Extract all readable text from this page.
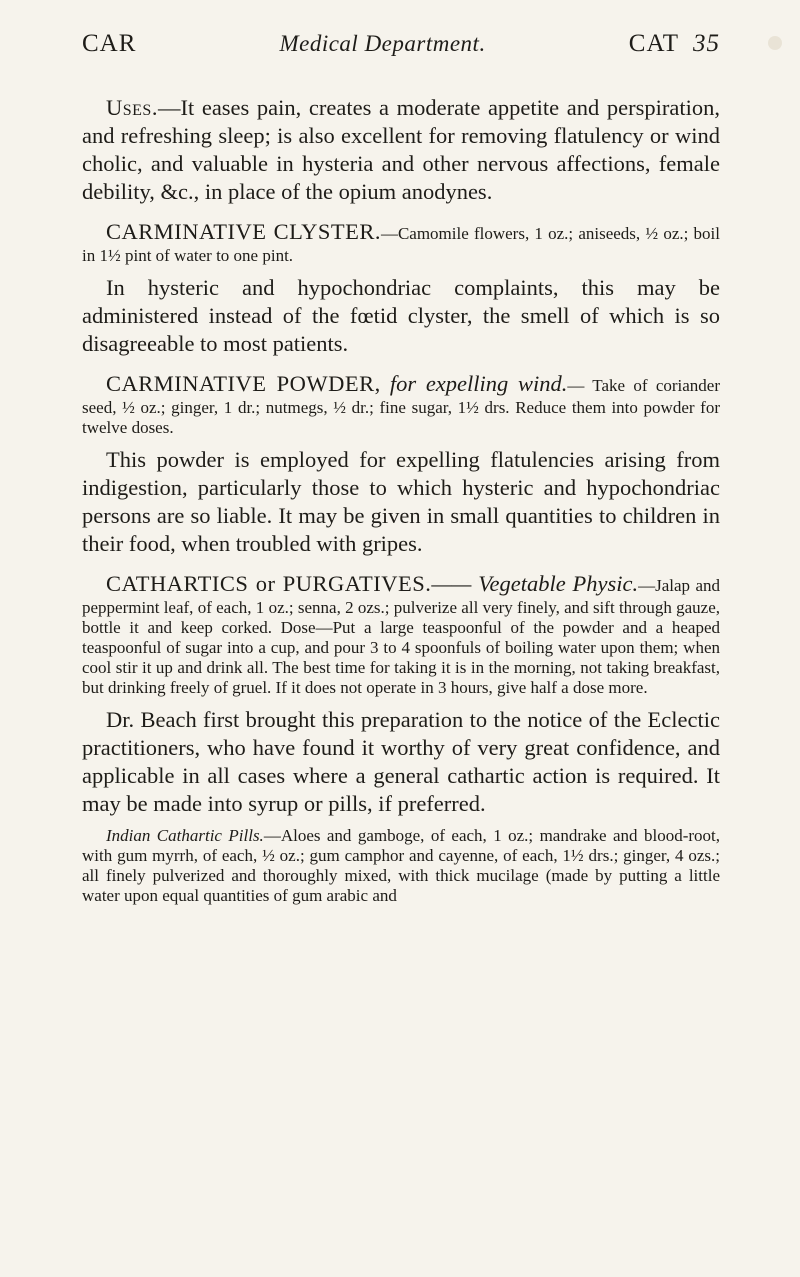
CAR	Medical Department.	CAT 35

Uses.—It eases pain, creates a moderate appetite and perspiration, and refreshing sleep; is also excellent for removing flatulency or wind cholic, and valuable in hysteria and other nervous affections, female debility, &c., in place of the opium anodynes.

CARMINATIVE CLYSTER.—Camomile flowers, 1 oz.; aniseeds, ½ oz.; boil in 1½ pint of water to one pint.

In hysteric and hypochondriac complaints, this may be administered instead of the fœtid clyster, the smell of which is so disagreeable to most patients.

CARMINATIVE POWDER, for expelling wind.— Take of coriander seed, ½ oz.; ginger, 1 dr.; nutmegs, ½ dr.; fine sugar, 1½ drs. Reduce them into powder for twelve doses.

This powder is employed for expelling flatulencies arising from indigestion, particularly those to which hysteric and hypochondriac persons are so liable. It may be given in small quantities to children in their food, when troubled with gripes.

CATHARTICS or PURGATIVES.—— Vegetable Physic.—Jalap and peppermint leaf, of each, 1 oz.; senna, 2 ozs.; pulverize all very finely, and sift through gauze, bottle it and keep corked. Dose—Put a large teaspoonful of the powder and a heaped teaspoonful of sugar into a cup, and pour 3 to 4 spoonfuls of boiling water upon them; when cool stir it up and drink all. The best time for taking it is in the morning, not taking breakfast, but drinking freely of gruel. If it does not operate in 3 hours, give half a dose more.

Dr. Beach first brought this preparation to the notice of the Eclectic practitioners, who have found it worthy of very great confidence, and applicable in all cases where a general cathartic action is required. It may be made into syrup or pills, if preferred.

Indian Cathartic Pills.—Aloes and gamboge, of each, 1 oz.; mandrake and blood-root, with gum myrrh, of each, ½ oz.; gum camphor and cayenne, of each, 1½ drs.; ginger, 4 ozs.; all finely pulverized and thoroughly mixed, with thick mucilage (made by putting a little water upon equal quantities of gum arabic and
